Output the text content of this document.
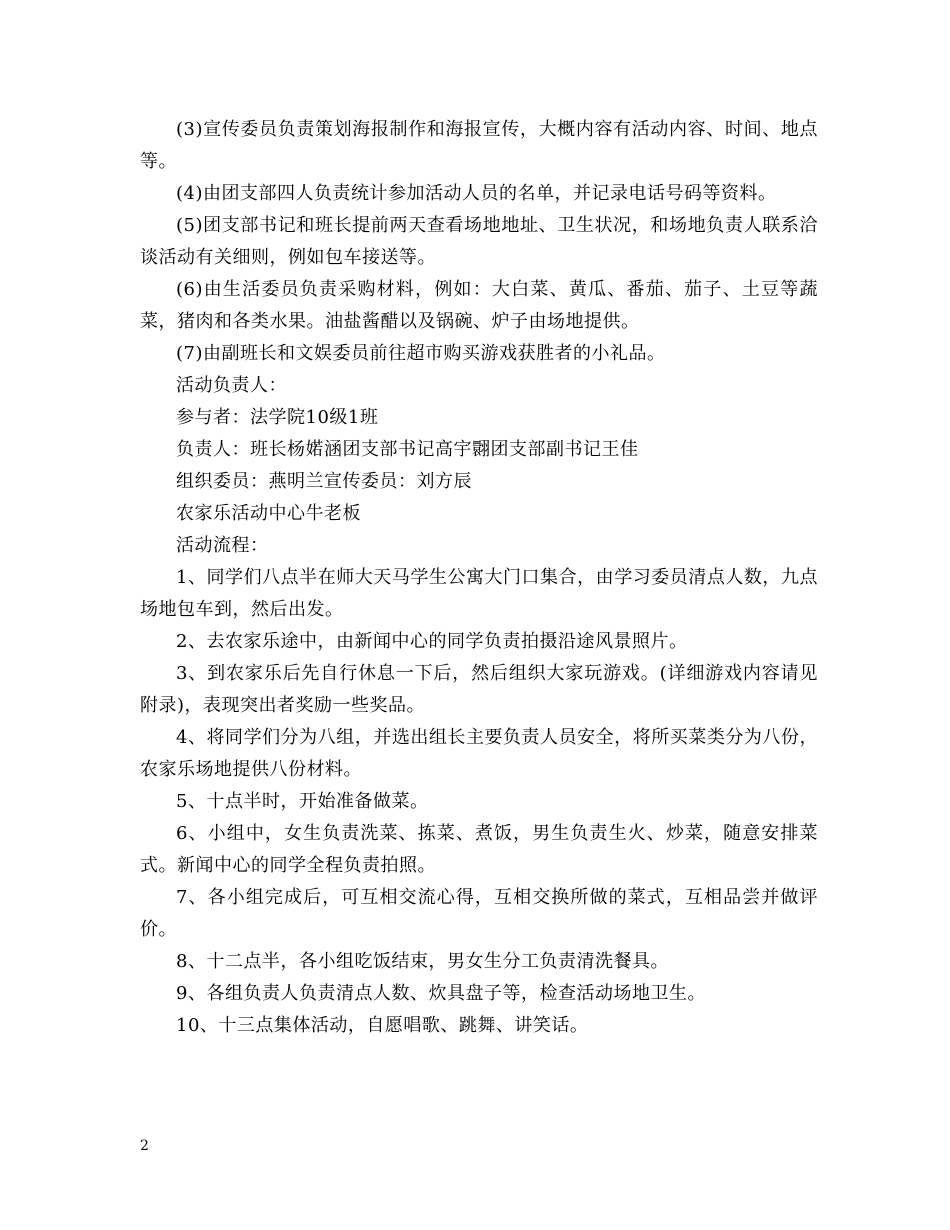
(3)宣传委员负责策划海报制作和海报宣传，大概内容有活动内容、时间、地点等。

(4)由团支部四人负责统计参加活动人员的名单，并记录电话号码等资料。

(5)团支部书记和班长提前两天查看场地地址、卫生状况，和场地负责人联系洽谈活动有关细则，例如包车接送等。

(6)由生活委员负责采购材料，例如：大白菜、黄瓜、番茄、茄子、土豆等蔬菜，猪肉和各类水果。油盐酱醋以及锅碗、炉子由场地提供。

(7)由副班长和文娱委员前往超市购买游戏获胜者的小礼品。

活动负责人：

参与者：法学院10级1班

负责人：班长杨婼涵团支部书记高宇翾团支部副书记王佳

组织委员：燕明兰宣传委员：刘方辰

农家乐活动中心牛老板

活动流程：

1、同学们八点半在师大天马学生公寓大门口集合，由学习委员清点人数，九点场地包车到，然后出发。

2、去农家乐途中，由新闻中心的同学负责拍摄沿途风景照片。

3、到农家乐后先自行休息一下后，然后组织大家玩游戏。(详细游戏内容请见附录)，表现突出者奖励一些奖品。

4、将同学们分为八组，并选出组长主要负责人员安全，将所买菜类分为八份，农家乐场地提供八份材料。

5、十点半时，开始准备做菜。

6、小组中，女生负责洗菜、拣菜、煮饭，男生负责生火、炒菜，随意安排菜式。新闻中心的同学全程负责拍照。

7、各小组完成后，可互相交流心得，互相交换所做的菜式，互相品尝并做评价。

8、十二点半，各小组吃饭结束，男女生分工负责清洗餐具。

9、各组负责人负责清点人数、炊具盘子等，检查活动场地卫生。

10、十三点集体活动，自愿唱歌、跳舞、讲笑话。

2
